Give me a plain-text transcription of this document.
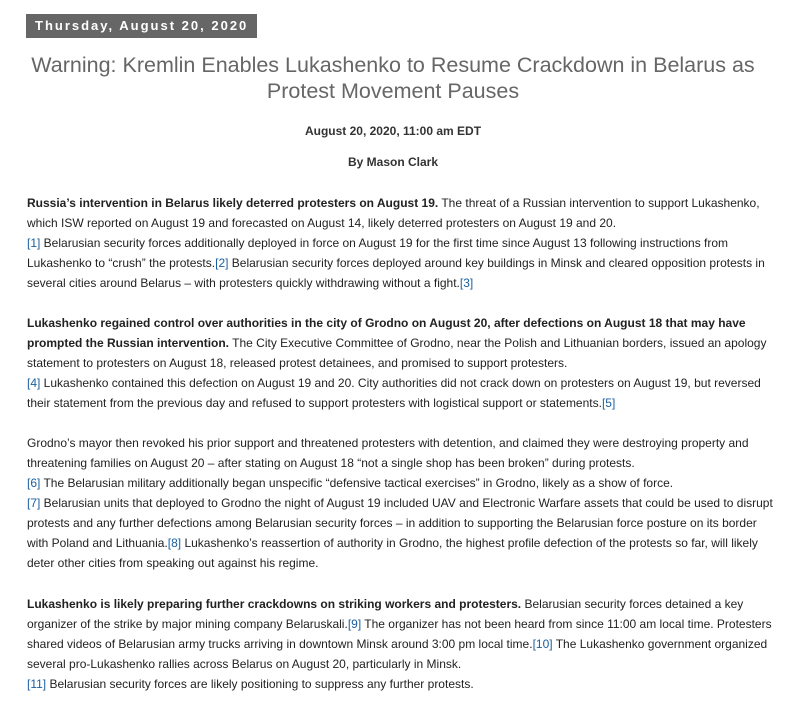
Thursday, August 20, 2020
Warning: Kremlin Enables Lukashenko to Resume Crackdown in Belarus as Protest Movement Pauses
August 20, 2020, 11:00 am EDT
By Mason Clark

Russia’s intervention in Belarus likely deterred protesters on August 19. The threat of a Russian intervention to support Lukashenko, which ISW reported on August 19 and forecasted on August 14, likely deterred protesters on August 19 and 20.
[1] Belarusian security forces additionally deployed in force on August 19 for the first time since August 13 following instructions from Lukashenko to “crush” the protests.[2] Belarusian security forces deployed around key buildings in Minsk and cleared opposition protests in several cities around Belarus – with protesters quickly withdrawing without a fight.[3]

Lukashenko regained control over authorities in the city of Grodno on August 20, after defections on August 18 that may have prompted the Russian intervention. The City Executive Committee of Grodno, near the Polish and Lithuanian borders, issued an apology statement to protesters on August 18, released protest detainees, and promised to support protesters.
[4] Lukashenko contained this defection on August 19 and 20. City authorities did not crack down on protesters on August 19, but reversed their statement from the previous day and refused to support protesters with logistical support or statements.[5]

Grodno’s mayor then revoked his prior support and threatened protesters with detention, and claimed they were destroying property and threatening families on August 20 – after stating on August 18 “not a single shop has been broken” during protests.
[6] The Belarusian military additionally began unspecific “defensive tactical exercises” in Grodno, likely as a show of force.
[7] Belarusian units that deployed to Grodno the night of August 19 included UAV and Electronic Warfare assets that could be used to disrupt protests and any further defections among Belarusian security forces – in addition to supporting the Belarusian force posture on its border with Poland and Lithuania.[8] Lukashenko’s reassertion of authority in Grodno, the highest profile defection of the protests so far, will likely deter other cities from speaking out against his regime.

Lukashenko is likely preparing further crackdowns on striking workers and protesters. Belarusian security forces detained a key organizer of the strike by major mining company Belaruskali.[9] The organizer has not been heard from since 11:00 am local time. Protesters shared videos of Belarusian army trucks arriving in downtown Minsk around 3:00 pm local time.[10] The Lukashenko government organized several pro-Lukashenko rallies across Belarus on August 20, particularly in Minsk.
[11] Belarusian security forces are likely positioning to suppress any further protests.
